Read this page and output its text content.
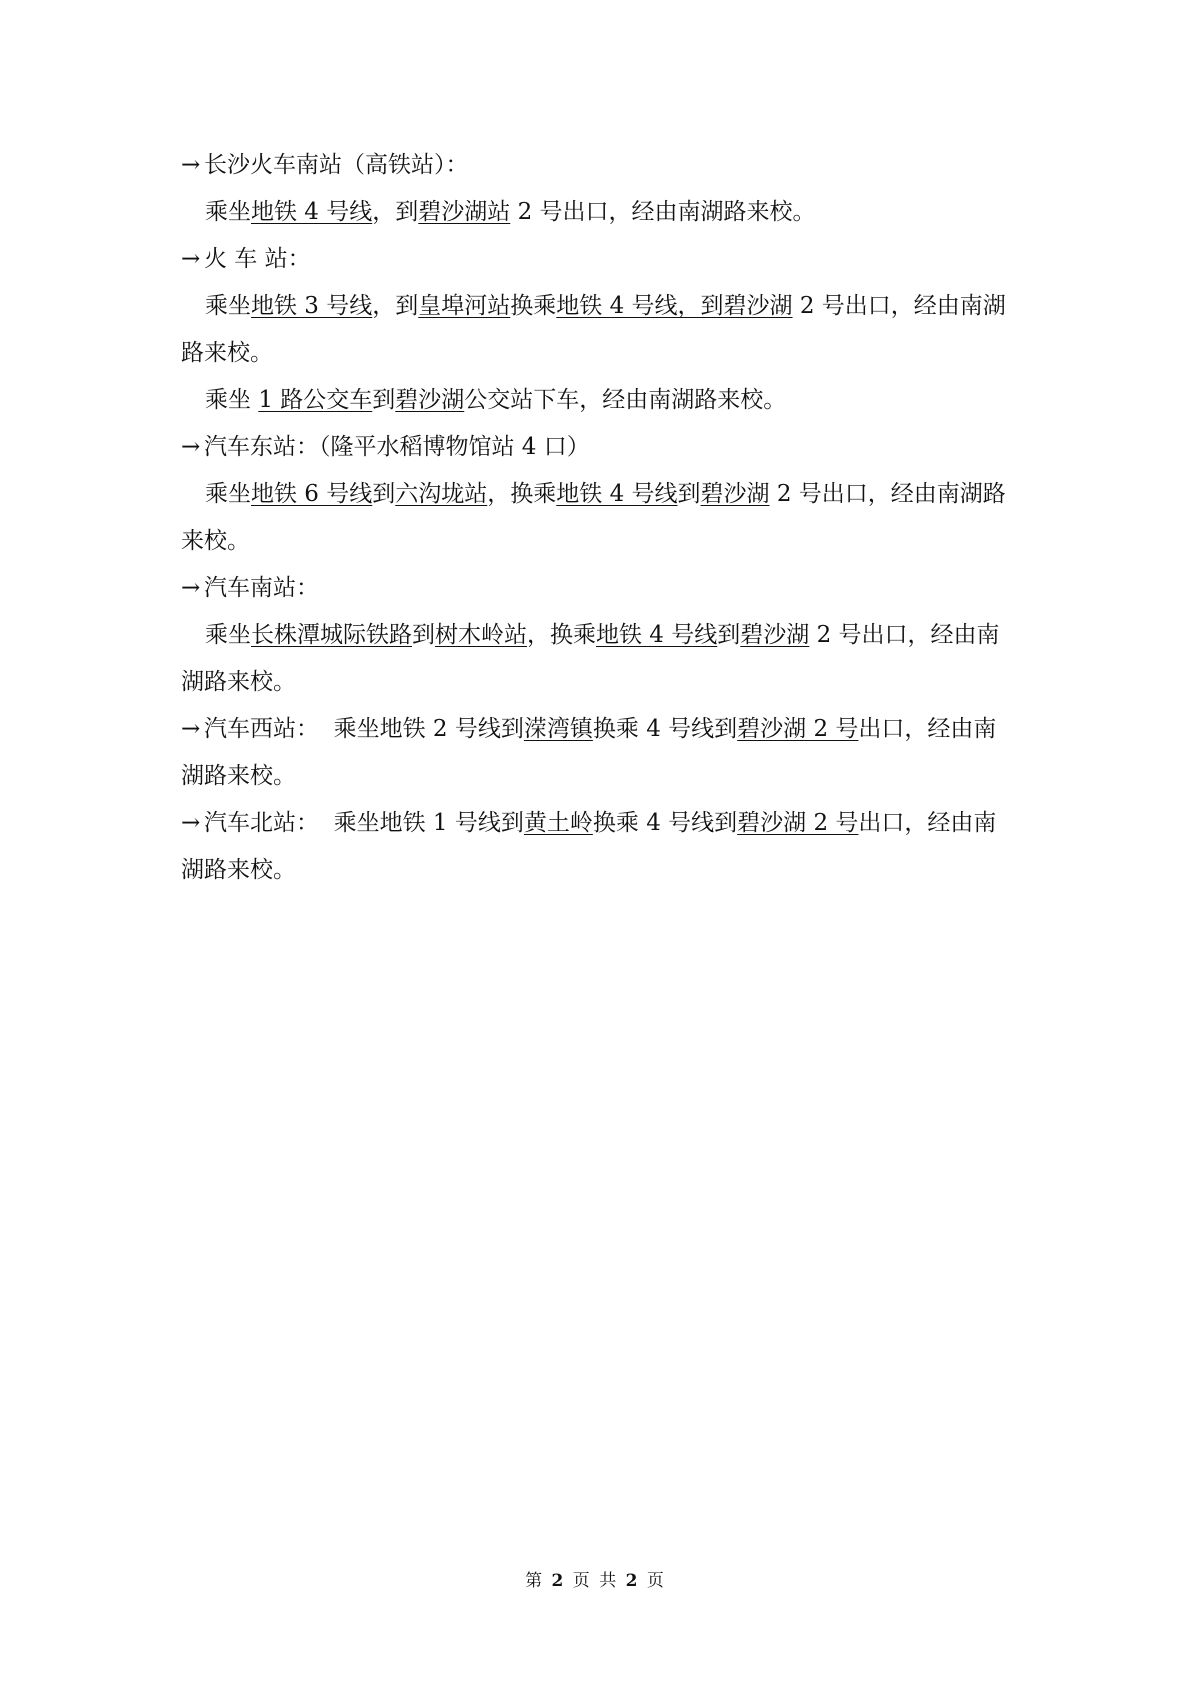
→ 长沙火车南站（高铁站）：
乘坐地铁 4 号线，到碧沙湖站 2 号出口，经由南湖路来校。
→ 火 车 站：
乘坐地铁 3 号线，到皇埠河站换乘地铁 4 号线，到碧沙湖 2 号出口，经由南湖
路来校。
乘坐 1 路公交车到碧沙湖公交站下车，经由南湖路来校。
→ 汽车东站：（隆平水稻博物馆站 4 口）
乘坐地铁 6 号线到六沟垅站，换乘地铁 4 号线到碧沙湖 2 号出口，经由南湖路
来校。
→ 汽车南站：
乘坐长株潭城际铁路到树木岭站，换乘地铁 4 号线到碧沙湖 2 号出口，经由南
湖路来校。
→ 汽车西站：  乘坐地铁 2 号线到溁湾镇换乘 4 号线到碧沙湖 2 号出口，经由南
湖路来校。
→ 汽车北站：  乘坐地铁 1 号线到黄土岭换乘 4 号线到碧沙湖 2 号出口，经由南
湖路来校。
第 2 页 共 2 页
